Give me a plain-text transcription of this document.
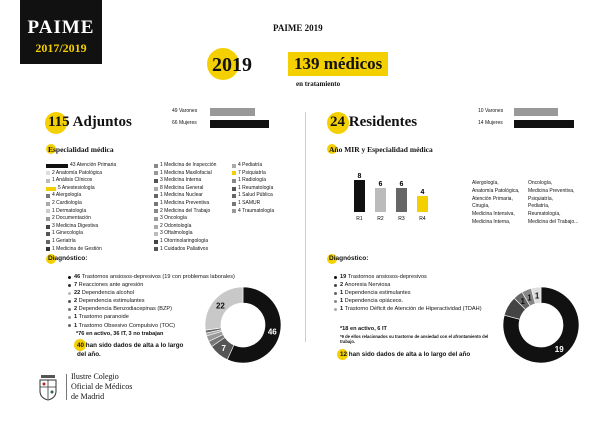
PAIME
2017/2019
PAIME 2019
2019	139 médicos
en tratamiento
115 Adjuntos
49 Varones
66 Mujeres
Especialidad médica
43 Atención Primaria
2 Anatomía Patológica
1 Análisis Clínicos
5 Anestesiología
4 Alergología
2 Cardiología
1 Dermatología
2 Documentación
3 Medicina Digestiva
1 Ginecología
1 Geriatría
1 Medicina de Gestión
1 Medicina de Inspección
1 Medicina Maxilofacial
3 Medicina Interna
8 Medicina General
1 Medicina Nuclear
1 Medicina Preventiva
2 Medicina del Trabajo
3 Oncología
2 Odontología
3 Oftalmología
1 Otorrinolaringología
1 Cuidados Paliativos
4 Pediatría
7 Psiquiatría
1 Radiología
1 Reumatología
1 Salud Pública
1 SAMUR
4 Traumatología
Diagnóstico:
46 Trastornos ansiosos-depresivos (19 con problemas laborales)
7 Reacciones ante agresión
22 Dependencia alcohol
2 Dependencia estimulantes
2 Dependencia Benzodiacepinas (BZP)
1 Trastorno paranoide
1 Trastorno Obsesivo Compulsivo (TOC)
*76 en activo, 36 IT, 3 no trabajan
40 han sido dados de alta a lo largo del año.
46
7
22
24 Residentes
10 Varones
14 Mujeres
Año MIR y Especialidad médica
8
R1
6
R2
6
R3
4
R4
Alergología,
Anatomía Patológica,
Atención Primaria,
Cirugía,
Medicina Intensiva,
Medicina Interna,
Oncología,
Medicina Preventiva,
Psiquiatría,
Pediatría,
Reumatología,
Medicina del Trabajo...
Diagnóstico:
19 Trastornos ansiosos-depresivos
2 Anorexia Nerviosa
1 Dependencia estimulantes
1 Dependencia opiáceos.
1 Trastorno Déficit de Atención de Hiperactividad (TDAH)
*18 en activo, 6 IT
*9 de ellos relacionados su trastorno de ansiedad con el afrontamiento del trabajo.
12 han sido dados de alta a lo largo del año
19
1 1 1
Ilustre Colegio
Oficial de Médicos
de Madrid
